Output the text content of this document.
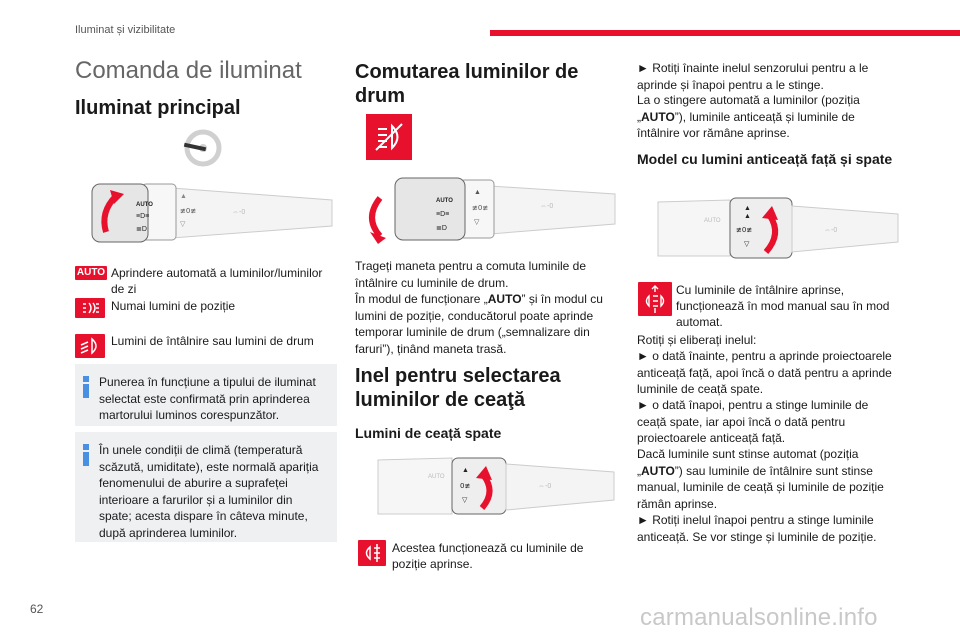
Iluminat și vizibilitate
Comanda de iluminat
Iluminat principal
AUTO
≡D≡
≣D
▲
≢0≢
▽
⇔-0
AUTO Aprindere automată a luminilor/luminilor de zi
Numai lumini de poziție
Lumini de întâlnire sau lumini de drum
Punerea în funcțiune a tipului de iluminat selectat este confirmată prin aprinderea martorului luminos corespunzător.
În unele condiții de climă (temperatură scăzută, umiditate), este normală apariția fenomenului de aburire a suprafeței interioare a farurilor și a luminilor din spate; acesta dispare în câteva minute, după aprinderea luminilor.
Comutarea luminilor de drum
AUTO
≡D≡
≣D
▲
≢0≢
▽
⇔-0
Trageți maneta pentru a comuta luminile de întâlnire cu luminile de drum.
În modul de funcționare „AUTO” și în modul cu lumini de poziție, conducătorul poate aprinde temporar luminile de drum („semnalizare din faruri”), ținând maneta trasă.
Inel pentru selectarea luminilor de ceaţă
Lumini de ceață spate
AUTO
▲
0≢
▽
⇔-0
Acestea funcționează cu luminile de poziție aprinse.
► Rotiți înainte inelul senzorului pentru a le aprinde și înapoi pentru a le stinge.
La o stingere automată a luminilor (poziția „AUTO”), luminile anticeață și luminile de întâlnire vor rămâne aprinse.
Model cu lumini anticeață față și spate
AUTO
▲
▲
≢0≢
▽
⇔-0
Cu luminile de întâlnire aprinse, funcționează în mod manual sau în mod automat.
Rotiți și eliberați inelul:
► o dată înainte, pentru a aprinde proiectoarele anticeață față, apoi încă o dată pentru a aprinde luminile de ceață spate.
► o dată înapoi, pentru a stinge luminile de ceață spate, iar apoi încă o dată pentru proiectoarele anticeață față.
Dacă luminile sunt stinse automat (poziția „AUTO”) sau luminile de întâlnire sunt stinse manual, luminile de ceață și luminile de poziție rămân aprinse.
► Rotiți inelul înapoi pentru a stinge luminile anticeață. Se vor stinge și luminile de poziție.
62	carmanualsonline.info
